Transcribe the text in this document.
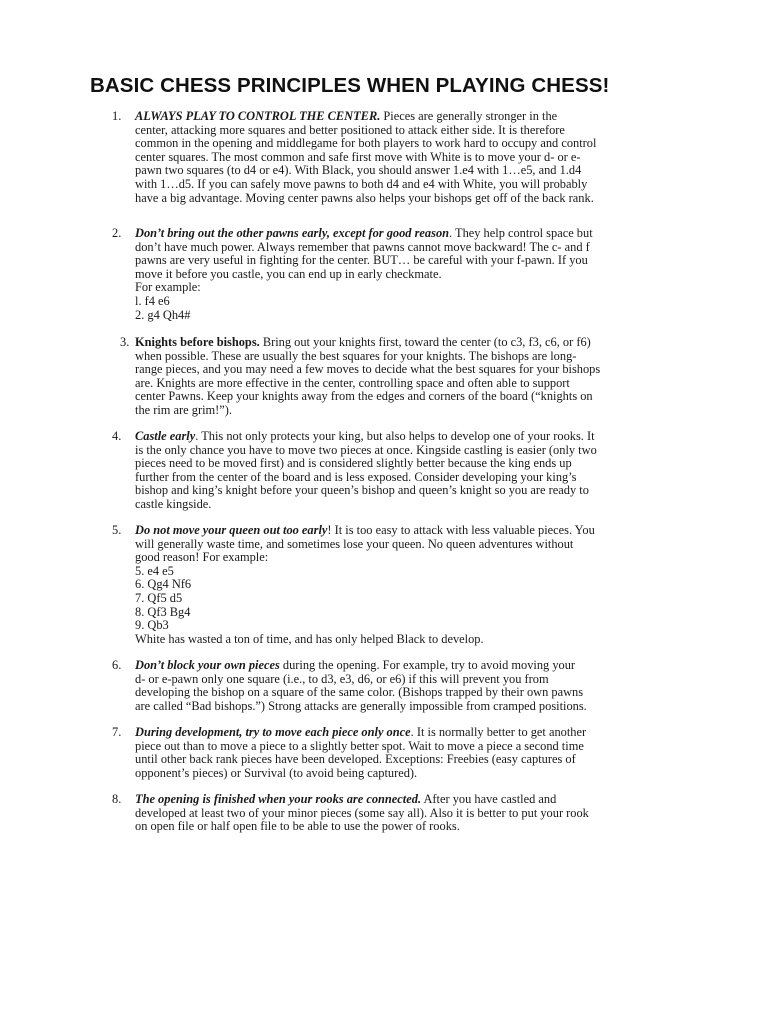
BASIC CHESS PRINCIPLES WHEN PLAYING CHESS!
1.	ALWAYS PLAY TO CONTROL THE CENTER. Pieces are generally stronger in the
center, attacking more squares and better positioned to attack either side. It is therefore
common in the opening and middlegame for both players to work hard to occupy and control
center squares. The most common and safe first move with White is to move your d- or e-
pawn two squares (to d4 or e4). With Black, you should answer 1.e4 with 1…e5, and 1.d4
with 1…d5. If you can safely move pawns to both d4 and e4 with White, you will probably
have a big advantage. Moving center pawns also helps your bishops get off of the back rank.
2.	Don’t bring out the other pawns early, except for good reason. They help control space but
don’t have much power. Always remember that pawns cannot move backward! The c- and f
pawns are very useful in fighting for the center. BUT… be careful with your f-pawn. If you
move it before you castle, you can end up in early checkmate.
For example:
l. f4 e6
2. g4 Qh4#
3. Knights before bishops. Bring out your knights first, toward the center (to c3, f3, c6, or f6)
when possible. These are usually the best squares for your knights. The bishops are long-
range pieces, and you may need a few moves to decide what the best squares for your bishops
are. Knights are more effective in the center, controlling space and often able to support
center Pawns. Keep your knights away from the edges and corners of the board (“knights on
the rim are grim!”).
4.	Castle early. This not only protects your king, but also helps to develop one of your rooks. It
is the only chance you have to move two pieces at once. Kingside castling is easier (only two
pieces need to be moved first) and is considered slightly better because the king ends up
further from the center of the board and is less exposed. Consider developing your king’s
bishop and king’s knight before your queen’s bishop and queen’s knight so you are ready to
castle kingside.
5.	Do not move your queen out too early! It is too easy to attack with less valuable pieces. You
will generally waste time, and sometimes lose your queen. No queen adventures without
good reason! For example:
5. e4 e5
6. Qg4 Nf6
7. Qf5 d5
8. Qf3 Bg4
9. Qb3
White has wasted a ton of time, and has only helped Black to develop.
6.	Don’t block your own pieces during the opening. For example, try to avoid moving your
d- or e-pawn only one square (i.e., to d3, e3, d6, or e6) if this will prevent you from
developing the bishop on a square of the same color. (Bishops trapped by their own pawns
are called “Bad bishops.”) Strong attacks are generally impossible from cramped positions.
7.	During development, try to move each piece only once. It is normally better to get another
piece out than to move a piece to a slightly better spot. Wait to move a piece a second time
until other back rank pieces have been developed. Exceptions: Freebies (easy captures of
opponent’s pieces) or Survival (to avoid being captured).
8.	The opening is finished when your rooks are connected. After you have castled and
developed at least two of your minor pieces (some say all). Also it is better to put your rook
on open file or half open file to be able to use the power of rooks.
